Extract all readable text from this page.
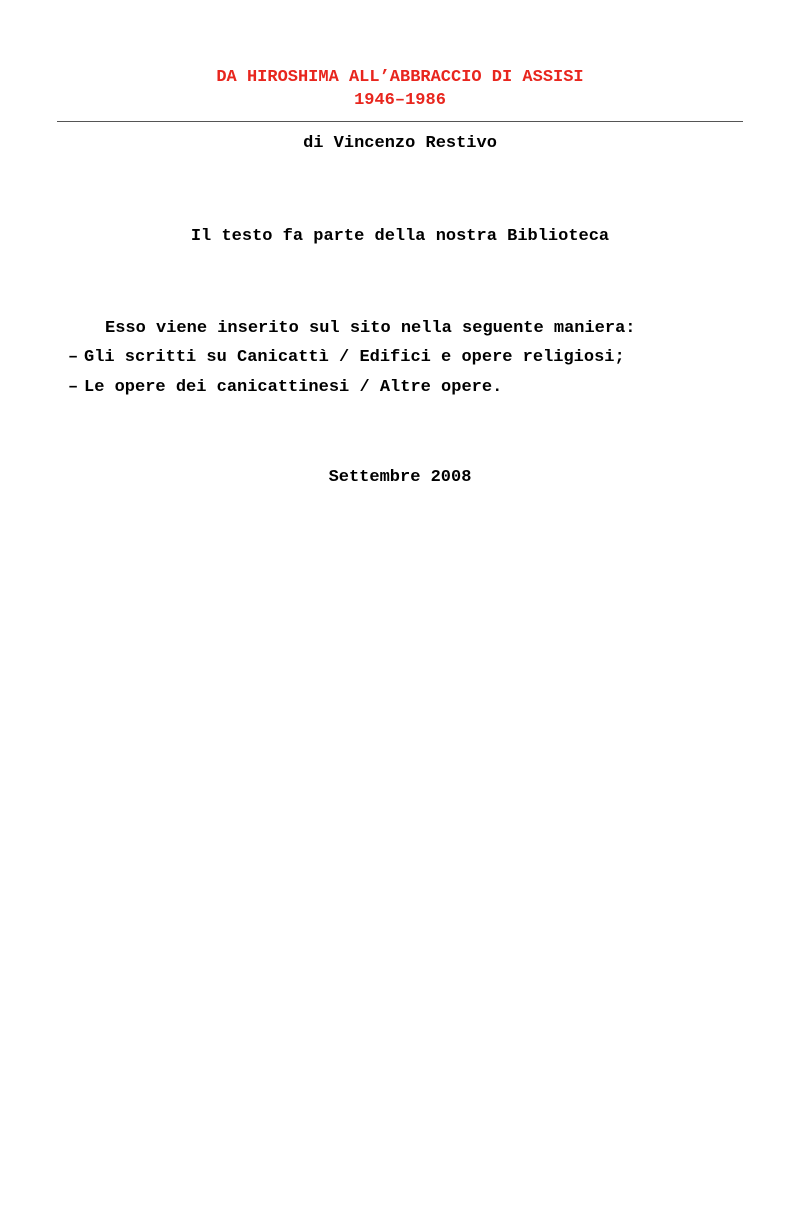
DA HIROSHIMA ALL’ABBRACCIO DI ASSISI
1946–1986
di Vincenzo Restivo
Il testo fa parte della nostra Biblioteca
Esso viene inserito sul sito nella seguente maniera:
– Gli scritti su Canicattì / Edifici e opere religiosi;
– Le opere dei canicattinesi / Altre opere.
Settembre 2008
